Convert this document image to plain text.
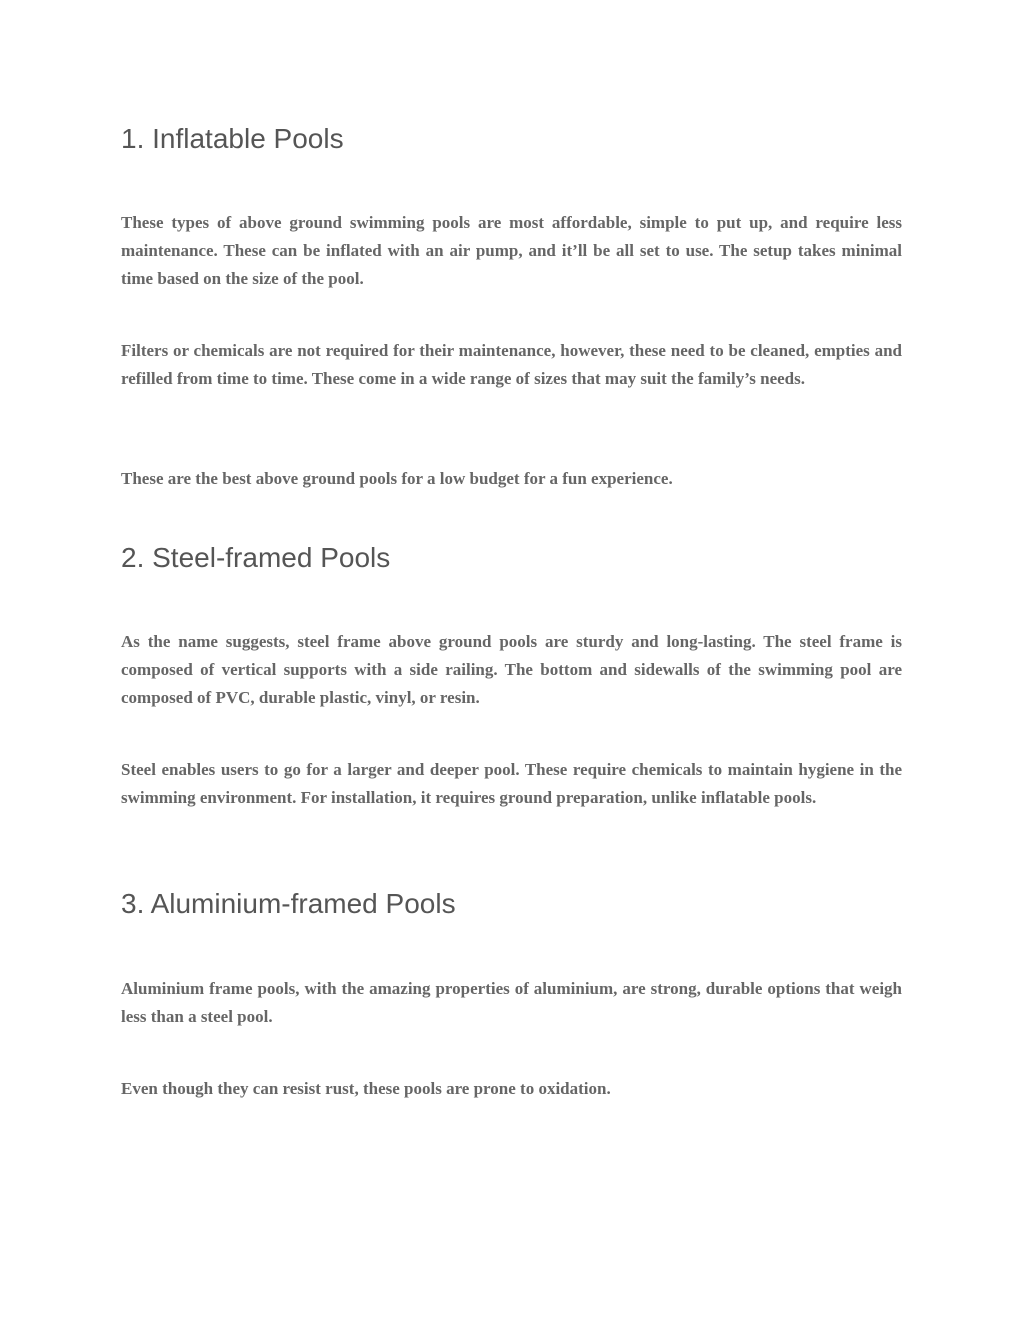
1. Inflatable Pools

These types of above ground swimming pools are most affordable, simple to put up, and require less maintenance. These can be inflated with an air pump, and it’ll be all set to use. The setup takes minimal time based on the size of the pool.

Filters or chemicals are not required for their maintenance, however, these need to be cleaned, empties and refilled from time to time. These come in a wide range of sizes that may suit the family’s needs.

These are the best above ground pools for a low budget for a fun experience.

2. Steel-framed Pools

As the name suggests, steel frame above ground pools are sturdy and long-lasting. The steel frame is composed of vertical supports with a side railing. The bottom and sidewalls of the swimming pool are composed of PVC, durable plastic, vinyl, or resin.

Steel enables users to go for a larger and deeper pool. These require chemicals to maintain hygiene in the swimming environment. For installation, it requires ground preparation, unlike inflatable pools.

3. Aluminium-framed Pools

Aluminium frame pools, with the amazing properties of aluminium, are strong, durable options that weigh less than a steel pool.

Even though they can resist rust, these pools are prone to oxidation.
